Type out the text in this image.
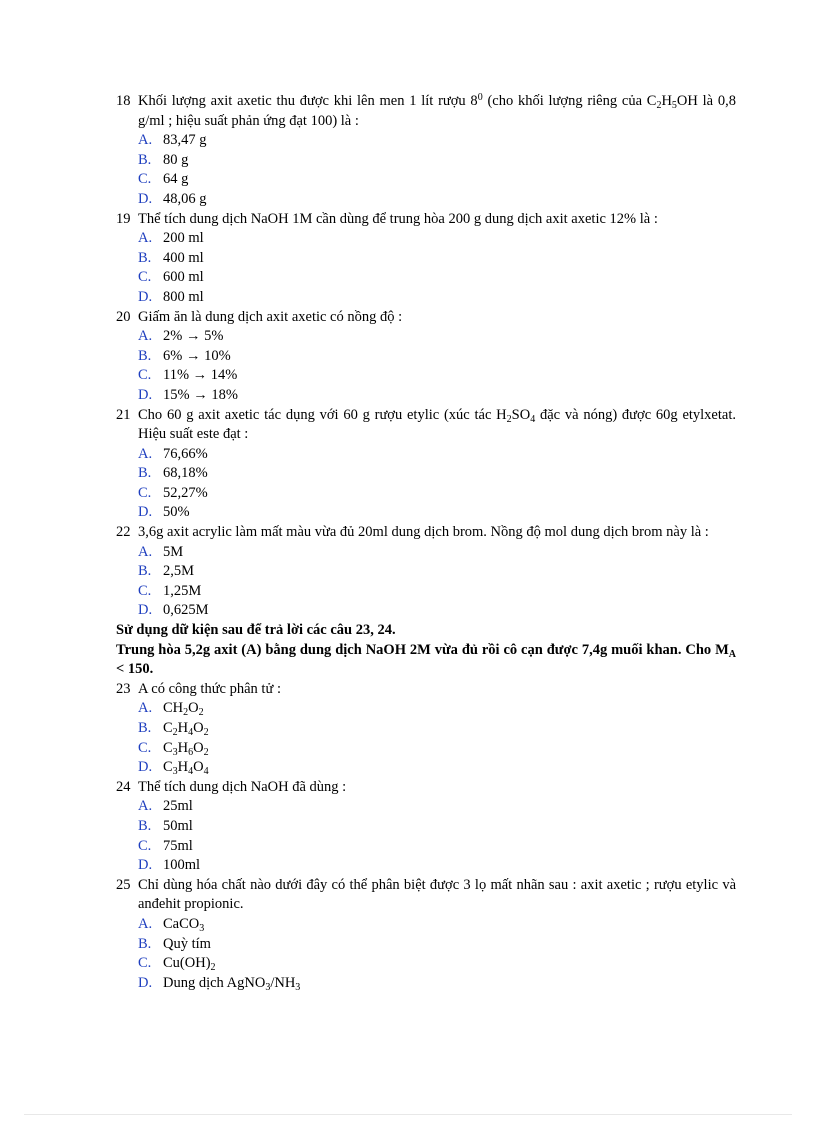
18 Khối lượng axit axetic thu được khi lên men 1 lít rượu $8^0$ (cho khối lượng riêng của $C_2H_5OH$ là 0,8 g/ml ; hiệu suất phản ứng đạt 100) là :
A. 83,47 g
B. 80 g
C. 64 g
D. 48,06 g
19 Thể tích dung dịch NaOH 1M cần dùng để trung hòa 200 g dung dịch axit axetic 12% là :
A. 200 ml
B. 400 ml
C. 600 ml
D. 800 ml
20 Giấm ăn là dung dịch axit axetic có nồng độ :
A. 2% → 5%
B. 6% → 10%
C. 11% → 14%
D. 15% → 18%
21 Cho 60 g axit axetic tác dụng với 60 g rượu etylic (xúc tác $H_2SO_4$ đặc và nóng) được 60g etylxetat. Hiệu suất este đạt :
A. 76,66%
B. 68,18%
C. 52,27%
D. 50%
22 3,6g axit acrylic làm mất màu vừa đủ 20ml dung dịch brom. Nồng độ mol dung dịch brom này là :
A. 5M
B. 2,5M
C. 1,25M
D. 0,625M
Sử dụng dữ kiện sau để trả lời các câu 23, 24.
Trung hòa 5,2g axit (A) bằng dung dịch NaOH 2M vừa đủ rồi cô cạn được 7,4g muối khan. Cho $M_A < 150$.
23 A có công thức phân tử :
A. $CH_2O_2$
B. $C_2H_4O_2$
C. $C_3H_6O_2$
D. $C_3H_4O_4$
24 Thể tích dung dịch NaOH đã dùng :
A. 25ml
B. 50ml
C. 75ml
D. 100ml
25 Chỉ dùng hóa chất nào dưới đây có thể phân biệt được 3 lọ mất nhãn sau : axit axetic ; rượu etylic và anđehit propionic.
A. CaCO$_3$
B. Quỳ tím
C. $Cu(OH)_2$
D. Dung dịch $AgNO_3/NH_3$
